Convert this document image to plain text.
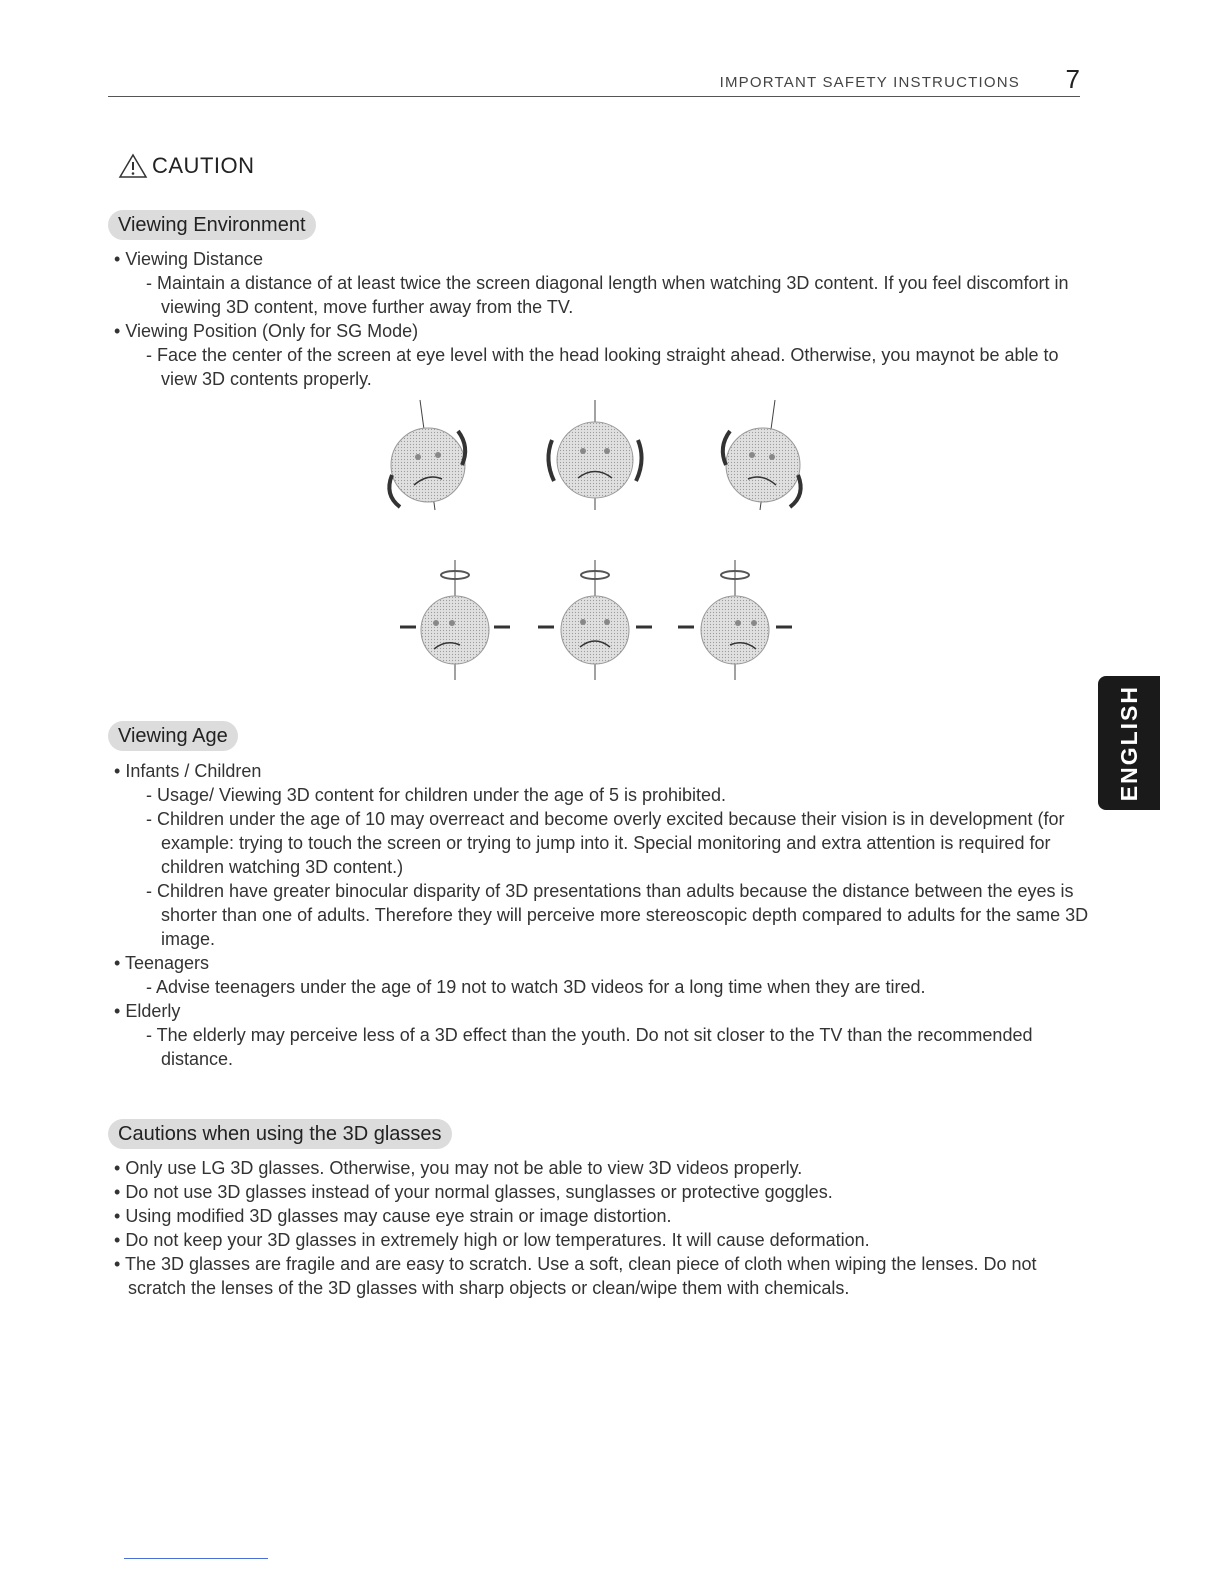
IMPORTANT SAFETY INSTRUCTIONS 7
CAUTION
Viewing Environment
• Viewing Distance
- Maintain a distance of at least twice the screen diagonal length when watching 3D content. If you feel discomfort in viewing 3D content, move further away from the TV.
• Viewing Position (Only for SG Mode)
- Face the center of the screen at eye level with the head looking straight ahead. Otherwise, you maynot be able to view 3D contents properly.
Viewing Age
• Infants / Children
- Usage/ Viewing 3D content for children under the age of 5 is prohibited.
- Children under the age of 10 may overreact and become overly excited because their vision is in development (for example: trying to touch the screen or trying to jump into it. Special monitoring and extra attention is required for children watching 3D content.)
- Children have greater binocular disparity of 3D presentations than adults because the distance between the eyes is shorter than one of adults. Therefore they will perceive more stereoscopic depth compared to adults for the same 3D image.
• Teenagers
- Advise teenagers under the age of 19 not to watch 3D videos for a long time when they are tired.
• Elderly
- The elderly may perceive less of a 3D effect than the youth. Do not sit closer to the TV than the recommended distance.
Cautions when using the 3D glasses
• Only use LG 3D glasses. Otherwise, you may not be able to view 3D videos properly.
• Do not use 3D glasses instead of your normal glasses, sunglasses or protective goggles.
• Using modified 3D glasses may cause eye strain or image distortion.
• Do not keep your 3D glasses in extremely high or low temperatures. It will cause deformation.
• The 3D glasses are fragile and are easy to scratch. Use a soft, clean piece of cloth when wiping the lenses. Do not scratch the lenses of the 3D glasses with sharp objects or clean/wipe them with chemicals.
ENGLISH
